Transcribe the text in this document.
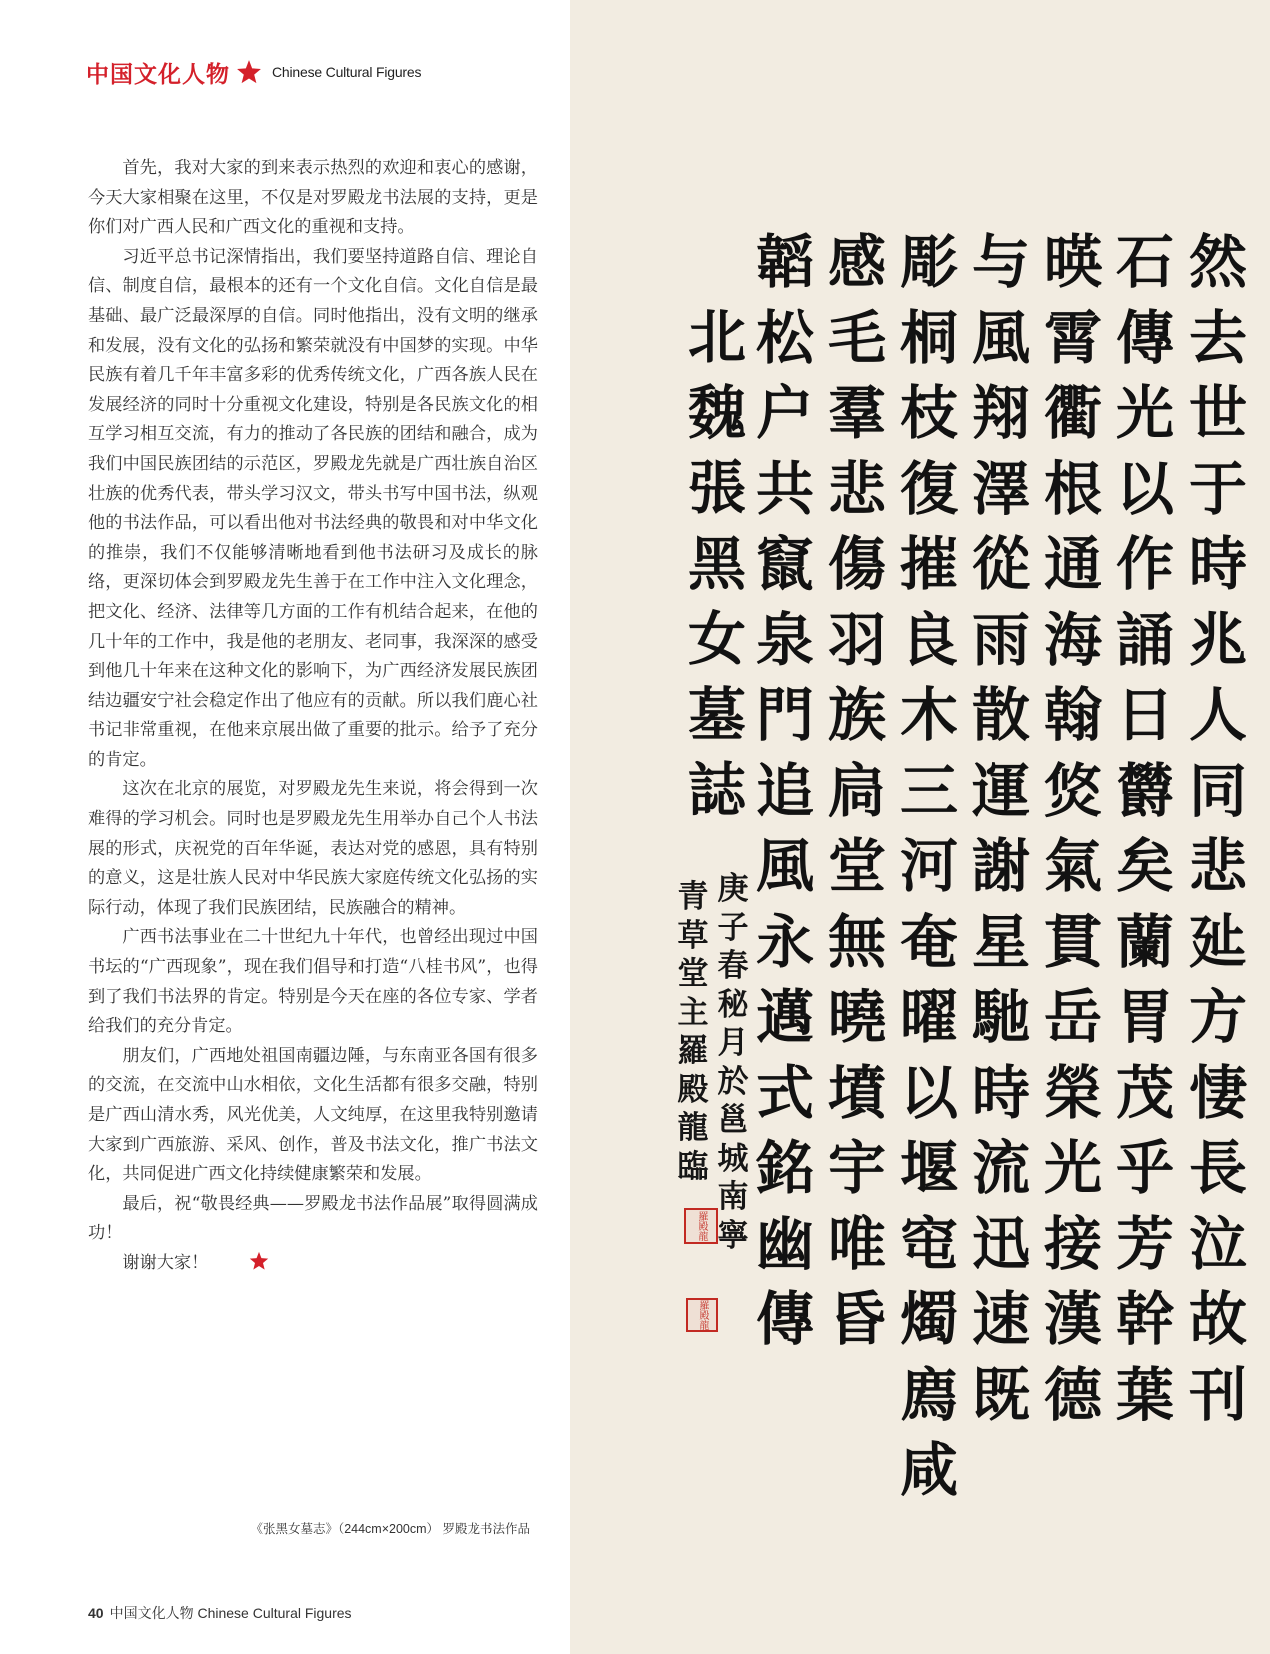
中国文化人物	Chinese Cultural Figures

首先，我对大家的到来表示热烈的欢迎和衷心的感谢，今天大家相聚在这里，不仅是对罗殿龙书法展的支持，更是你们对广西人民和广西文化的重视和支持。

习近平总书记深情指出，我们要坚持道路自信、理论自信、制度自信，最根本的还有一个文化自信。文化自信是最基础、最广泛最深厚的自信。同时他指出，没有文明的继承和发展，没有文化的弘扬和繁荣就没有中国梦的实现。中华民族有着几千年丰富多彩的优秀传统文化，广西各族人民在发展经济的同时十分重视文化建设，特别是各民族文化的相互学习相互交流，有力的推动了各民族的团结和融合，成为我们中国民族团结的示范区，罗殿龙先就是广西壮族自治区壮族的优秀代表，带头学习汉文，带头书写中国书法，纵观他的书法作品，可以看出他对书法经典的敬畏和对中华文化的推崇，我们不仅能够清晰地看到他书法研习及成长的脉络，更深切体会到罗殿龙先生善于在工作中注入文化理念，把文化、经济、法律等几方面的工作有机结合起来，在他的几十年的工作中，我是他的老朋友、老同事，我深深的感受到他几十年来在这种文化的影响下，为广西经济发展民族团结边疆安宁社会稳定作出了他应有的贡献。所以我们鹿心社书记非常重视，在他来京展出做了重要的批示。给予了充分的肯定。

这次在北京的展览，对罗殿龙先生来说，将会得到一次难得的学习机会。同时也是罗殿龙先生用举办自己个人书法展的形式，庆祝党的百年华诞，表达对党的感恩，具有特别的意义，这是壮族人民对中华民族大家庭传统文化弘扬的实际行动，体现了我们民族团结，民族融合的精神。

广西书法事业在二十世纪九十年代，也曾经出现过中国书坛的“广西现象”，现在我们倡导和打造“八桂书风”，也得到了我们书法界的肯定。特别是今天在座的各位专家、学者给我们的充分肯定。

朋友们，广西地处祖国南疆边陲，与东南亚各国有很多的交流，在交流中山水相依，文化生活都有很多交融，特别是广西山清水秀，风光优美，人文纯厚，在这里我特别邀请大家到广西旅游、采风、创作，普及书法文化，推广书法文化，共同促进广西文化持续健康繁荣和发展。

最后，祝“敬畏经典——罗殿龙书法作品展”取得圆满成功！

谢谢大家！

然
去
世
于
時
兆
人
同
悲
㢟
方
悽
長
泣
故
刊
石
傳
光
以
作
誦
日
欝
矣
蘭
胃
茂
乎
芳
幹
葉
暎
霄
衢
根
通
海
翰
焂
氣
貫
岳
榮
光
接
漢
德
与
風
翔
澤
從
雨
散
運
謝
星
馳
時
流
迅
速
既
彫
桐
枝
復
摧
良
木
三
河
奄
曜
以
堰
窀
燭
廌
咸
感
毛
羣
悲
傷
羽
族
扃
堂
無
曉
墳
宇
唯
昏
韜
松
户
共
竄
泉
門
追
風
永
邁
式
銘
幽
傳
北
魏
張
黑
女
墓
誌
庚
子
春
秘
月
於
邕
城
南
寧
青
草
堂
主
羅
殿
龍
臨
羅殿龍
羅殿龍
《张黑女墓志》（244cm×200cm） 罗殿龙书法作品
40 中国文化人物 Chinese Cultural Figures
